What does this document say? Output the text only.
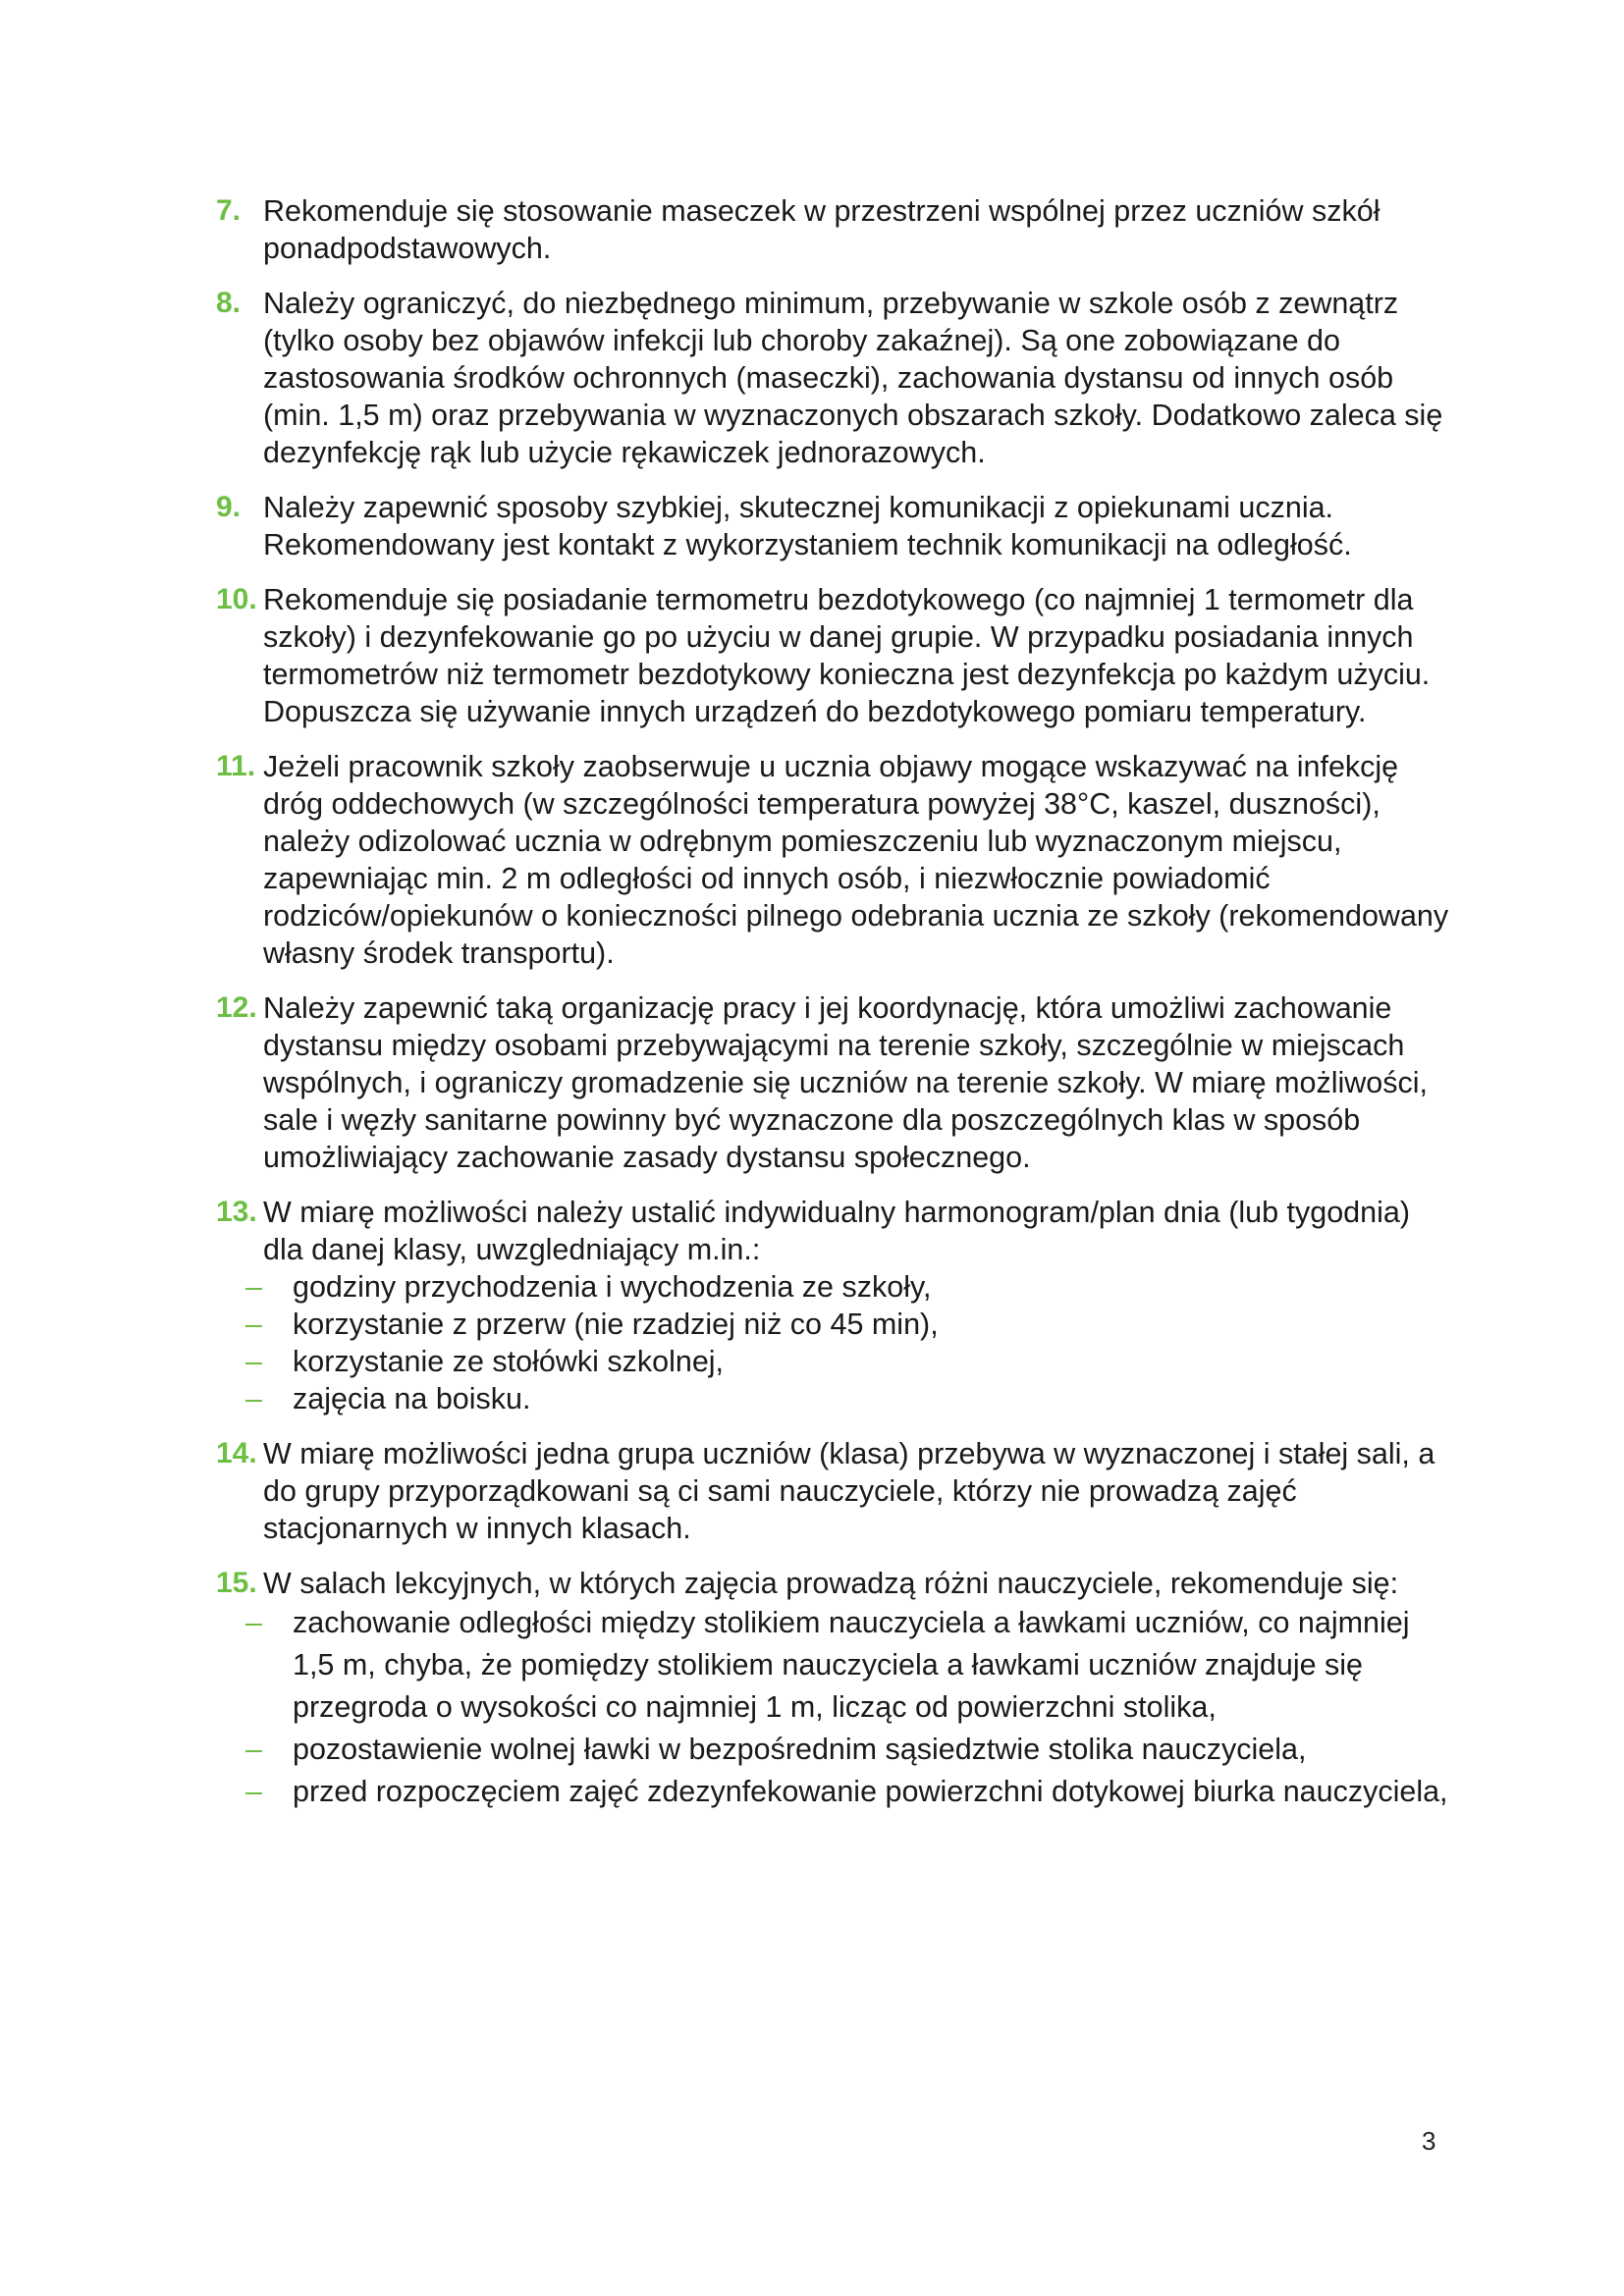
7. Rekomenduje się stosowanie maseczek w przestrzeni wspólnej przez uczniów szkół ponadpodstawowych.
8. Należy ograniczyć, do niezbędnego minimum, przebywanie w szkole osób z zewnątrz (tylko osoby bez objawów infekcji lub choroby zakaźnej). Są one zobowiązane do zastosowania środków ochronnych (maseczki), zachowania dystansu od innych osób (min. 1,5 m) oraz przebywania w wyznaczonych obszarach szkoły. Dodatkowo zaleca się dezynfekcję rąk lub użycie rękawiczek jednorazowych.
9. Należy zapewnić sposoby szybkiej, skutecznej komunikacji z opiekunami ucznia. Rekomendowany jest kontakt z wykorzystaniem technik komunikacji na odległość.
10. Rekomenduje się posiadanie termometru bezdotykowego (co najmniej 1 termometr dla szkoły) i dezynfekowanie go po użyciu w danej grupie. W przypadku posiadania innych termometrów niż termometr bezdotykowy konieczna jest dezynfekcja po każdym użyciu. Dopuszcza się używanie innych urządzeń do bezdotykowego pomiaru temperatury.
11. Jeżeli pracownik szkoły zaobserwuje u ucznia objawy mogące wskazywać na infekcję dróg oddechowych (w szczególności temperatura powyżej 38°C, kaszel, duszności), należy odizolować ucznia w odrębnym pomieszczeniu lub wyznaczonym miejscu, zapewniając min. 2 m odległości od innych osób, i niezwłocznie powiadomić rodziców/opiekunów o konieczności pilnego odebrania ucznia ze szkoły (rekomendowany własny środek transportu).
12. Należy zapewnić taką organizację pracy i jej koordynację, która umożliwi zachowanie dystansu między osobami przebywającymi na terenie szkoły, szczególnie w miejscach wspólnych, i ograniczy gromadzenie się uczniów na terenie szkoły. W miarę możliwości, sale i węzły sanitarne powinny być wyznaczone dla poszczególnych klas w sposób umożliwiający zachowanie zasady dystansu społecznego.
13. W miarę możliwości należy ustalić indywidualny harmonogram/plan dnia (lub tygodnia) dla danej klasy, uwzgledniający m.in.:
– godziny przychodzenia i wychodzenia ze szkoły,
– korzystanie z przerw (nie rzadziej niż co 45 min),
– korzystanie ze stołówki szkolnej,
– zajęcia na boisku.
14. W miarę możliwości jedna grupa uczniów (klasa) przebywa w wyznaczonej i stałej sali, a do grupy przyporządkowani są ci sami nauczyciele, którzy nie prowadzą zajęć stacjonarnych w innych klasach.
15. W salach lekcyjnych, w których zajęcia prowadzą różni nauczyciele, rekomenduje się:
– zachowanie odległości między stolikiem nauczyciela a ławkami uczniów, co najmniej 1,5 m, chyba, że pomiędzy stolikiem nauczyciela a ławkami uczniów znajduje się przegroda o wysokości co najmniej 1 m, licząc od powierzchni stolika,
– pozostawienie wolnej ławki w bezpośrednim sąsiedztwie stolika nauczyciela,
– przed rozpoczęciem zajęć zdezynfekowanie powierzchni dotykowej biurka nauczyciela,
3
